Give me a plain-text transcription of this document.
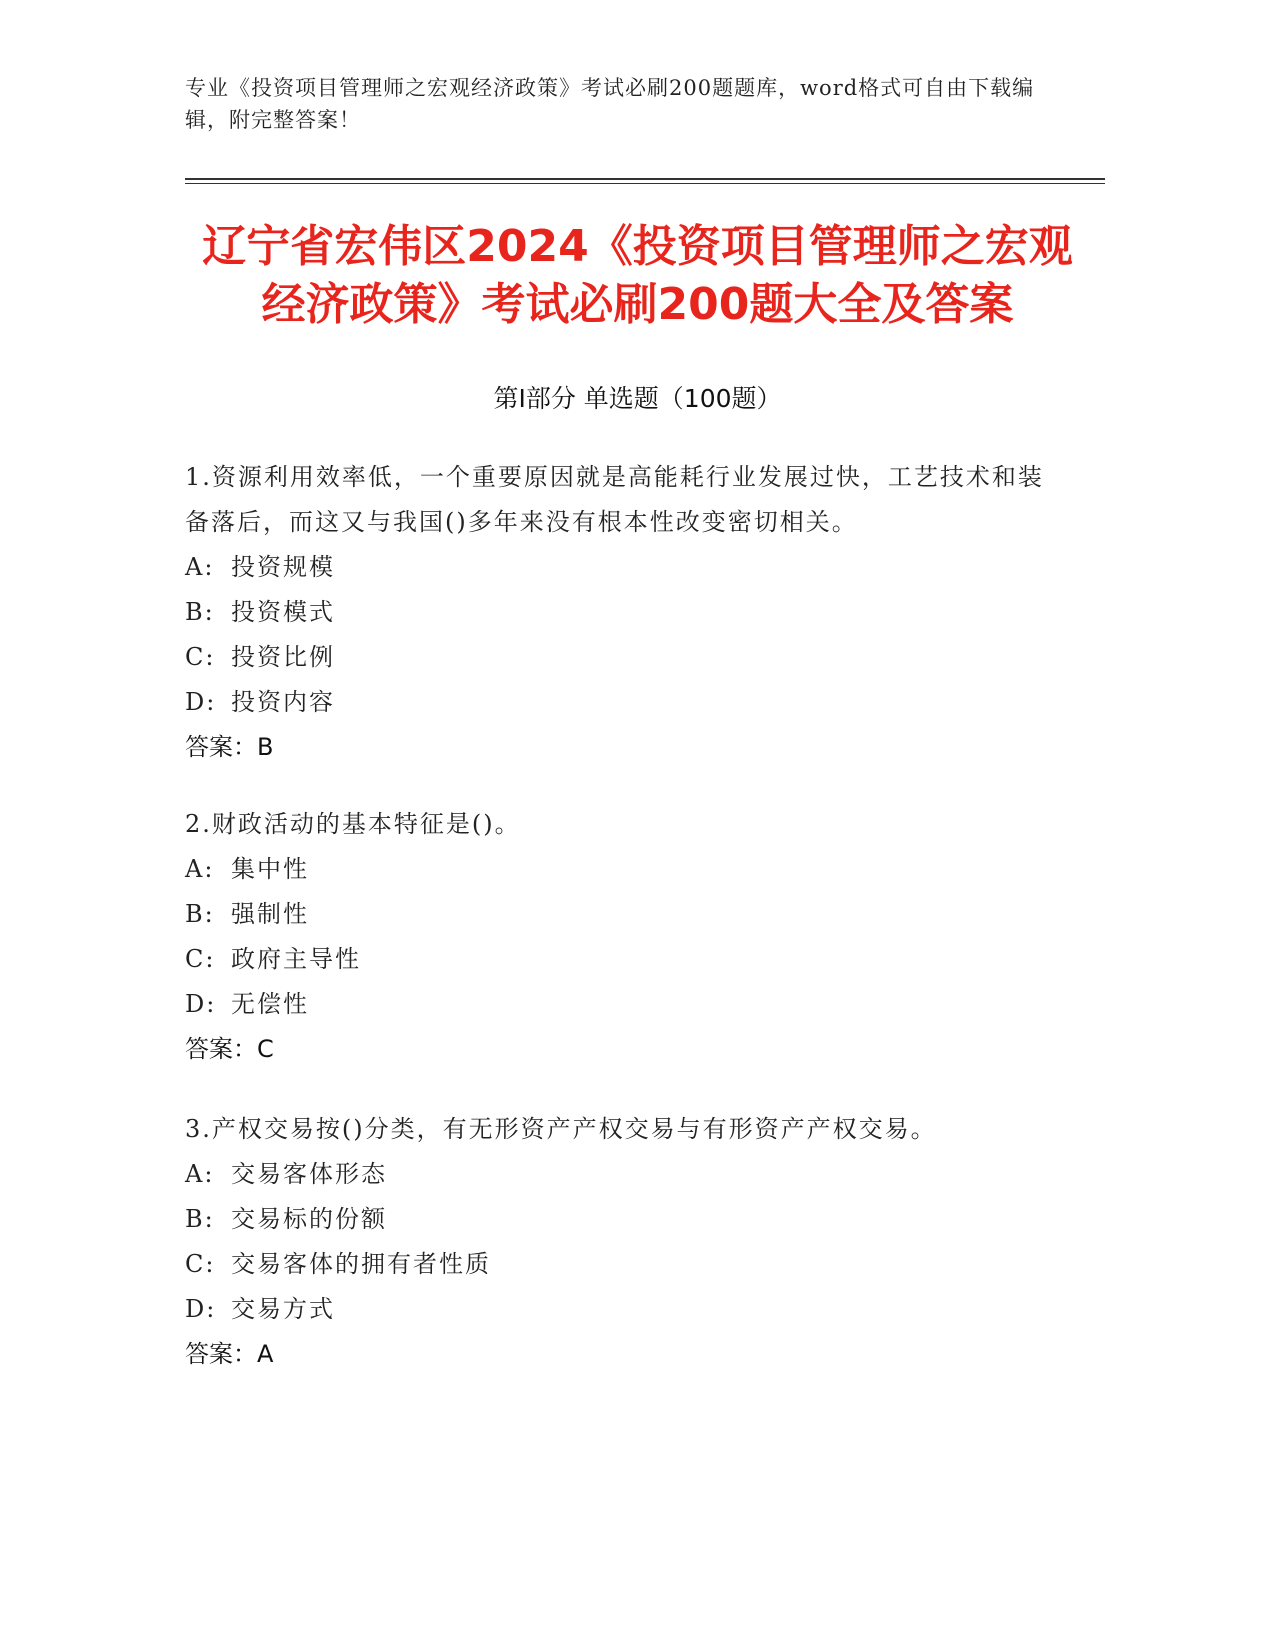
专业《投资项目管理师之宏观经济政策》考试必刷200题题库，word格式可自由下载编辑，附完整答案！
辽宁省宏伟区2024《投资项目管理师之宏观
经济政策》考试必刷200题大全及答案
第Ⅰ部分 单选题（100题）

1.资源利用效率低，一个重要原因就是高能耗行业发展过快，工艺技术和装备落后，而这又与我国()多年来没有根本性改变密切相关。

A: 投资规模

B: 投资模式

C: 投资比例

D: 投资内容

答案：B

2.财政活动的基本特征是()。

A: 集中性

B: 强制性

C: 政府主导性

D: 无偿性

答案：C

3.产权交易按()分类，有无形资产产权交易与有形资产产权交易。

A: 交易客体形态

B: 交易标的份额

C: 交易客体的拥有者性质

D: 交易方式

答案：A
